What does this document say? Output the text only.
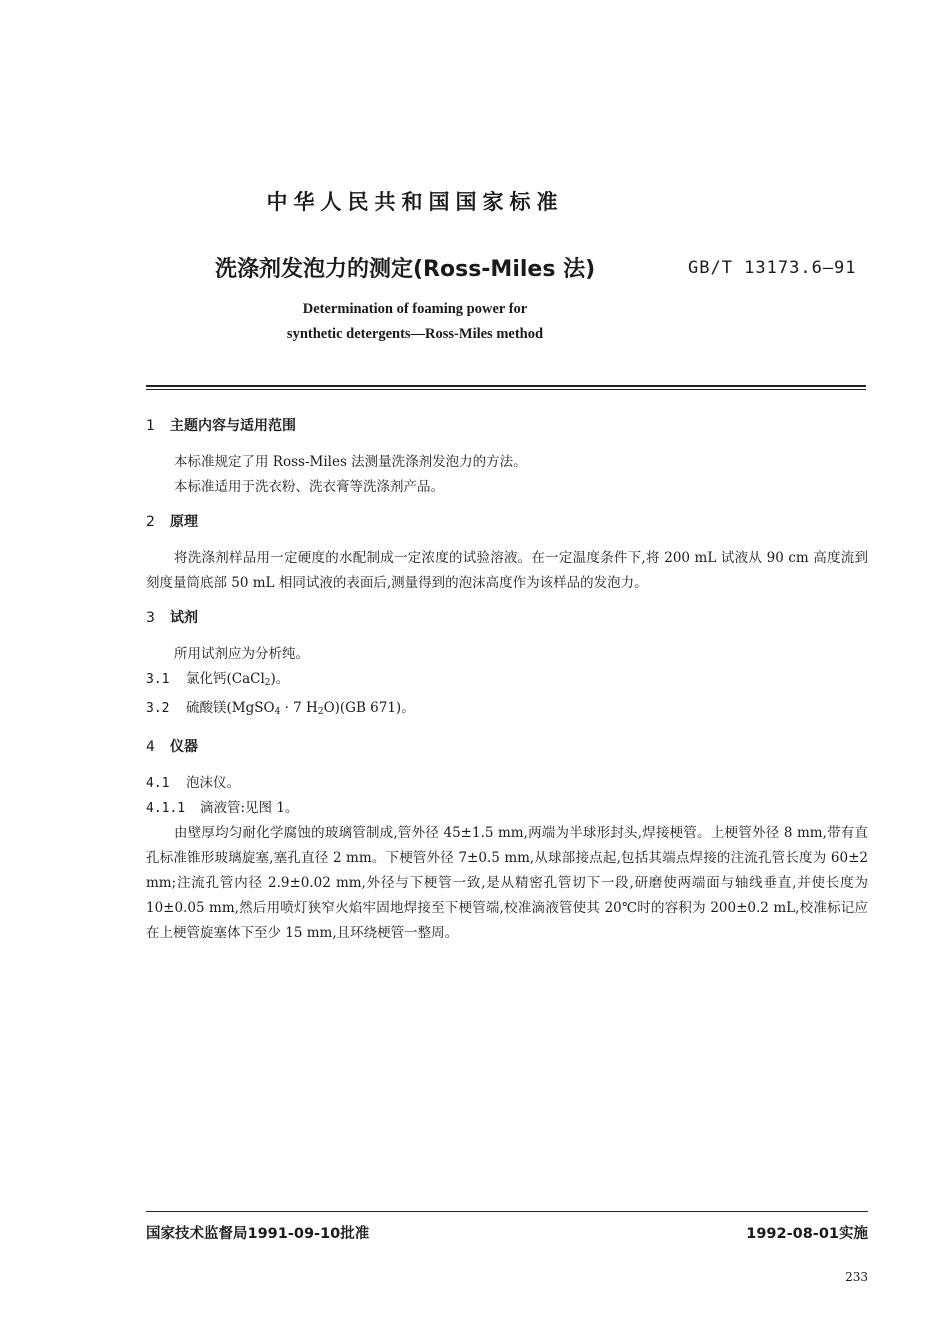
中华人民共和国国家标准
洗涤剂发泡力的测定(Ross-Miles 法)	GB/T 13173.6—91
Determination of foaming power for
synthetic detergents—Ross-Miles method
1 主题内容与适用范围

本标准规定了用 Ross-Miles 法测量洗涤剂发泡力的方法。

本标准适用于洗衣粉、洗衣膏等洗涤剂产品。

2 原理

将洗涤剂样品用一定硬度的水配制成一定浓度的试验溶液。在一定温度条件下,将 200 mL 试液从 90 cm 高度流到刻度量筒底部 50 mL 相同试液的表面后,测量得到的泡沫高度作为该样品的发泡力。

3 试剂

所用试剂应为分析纯。

3.1 氯化钙(CaCl$_2$)。

3.2 硫酸镁(MgSO$_4$ · 7 $H_2O)(GB$ 671)。

4 仪器

4.1 泡沫仪。

4.1.1 滴液管:见图 1。

由壁厚均匀耐化学腐蚀的玻璃管制成,管外径 45±1.5 mm,两端为半球形封头,焊接梗管。上梗管外径 8 mm,带有直孔标准锥形玻璃旋塞,塞孔直径 2 mm。下梗管外径 7±0.5 mm,从球部接点起,包括其端点焊接的注流孔管长度为 60±2 mm;注流孔管内径 2.9±0.02 mm,外径与下梗管一致,是从精密孔管切下一段,研磨使两端面与轴线垂直,并使长度为 10±0.05 mm,然后用喷灯狭窄火焰牢固地焊接至下梗管端,校准滴液管使其 20℃时的容积为 200±0.2 mL,校准标记应在上梗管旋塞体下至少 15 mm,且环绕梗管一整周。

国家技术监督局1991-09-10批准	1992-08-01实施
233
